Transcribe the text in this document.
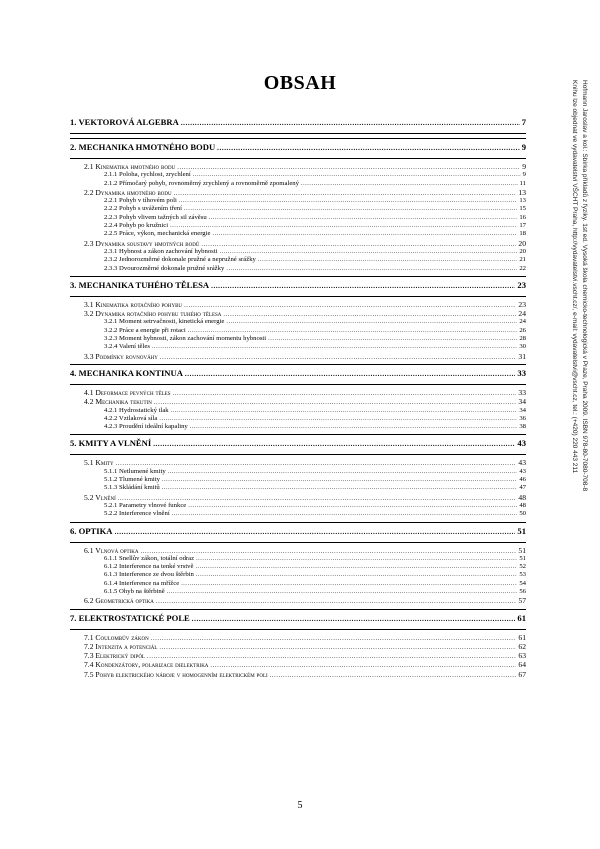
OBSAH
1. VEKTOROVÁ ALGEBRA .....	7
2. MECHANIKA HMOTNÉHO BODU .....	9
2.1 Kinematika hmotného bodu .....	9
2.1.1 Poloha, rychlost, zrychlení .....	9
2.1.2 Přímočarý pohyb, rovnoměrný zrychlený a rovnoměrně zpomalený .....	11
2.2 Dynamika hmotného bodu .....	13
2.2.1 Pohyb v tíhovém poli .....	13
2.2.2 Pohyb s uvážením tření .....	15
2.2.3 Pohyb vlivem tažných sil závěsu .....	16
2.2.4 Pohyb po kružnici .....	17
2.2.5 Práce, výkon, mechanická energie .....	18
2.3 Dynamika soustavy hmotných bodů .....	20
2.3.1 Hybnost a zákon zachování hybnosti .....	20
2.3.2 Jednorozměrné dokonale pružné a nepružné srážky .....	21
2.3.3 Dvourozměrné dokonale pružné srážky .....	22
3. MECHANIKA TUHÉHO TĚLESA .....	23
3.1 Kinematika rotačního pohybu .....	23
3.2 Dynamika rotačního pohybu tuhého tělesa .....	24
3.2.1 Moment setrvačnosti, kinetická energie .....	24
3.2.2 Práce a energie při rotaci .....	26
3.2.3 Moment hybnosti, zákon zachování momentu hybnosti .....	28
3.2.4 Valení těles .....	30
3.3 Podmínky rovnováhy .....	31
4. MECHANIKA KONTINUA .....	33
4.1 Deformace pevných těles .....	33
4.2 Mechanika tekutin .....	34
4.2.1 Hydrostatický tlak .....	34
4.2.2 Vztlaková síla .....	36
4.2.3 Proudění ideální kapaliny .....	38
5. KMITY A VLNĚNÍ .....	43
5.1 Kmity .....	43
5.1.1 Netlumené kmity .....	43
5.1.2 Tlumené kmity .....	46
5.1.3 Skládání kmitů .....	47
5.2 Vlnění .....	48
5.2.1 Parametry vlnové funkce .....	48
5.2.2 Interference vlnění .....	50
6. OPTIKA .....	51
6.1 Vlnová optika .....	51
6.1.1 Snellův zákon, totální odraz .....	51
6.1.2 Interference na tenké vrstvě .....	52
6.1.3 Interference ze dvou štěrbin .....	53
6.1.4 Interference na mřížce .....	54
6.1.5 Ohyb na štěrbině .....	56
6.2 Geometrická optika .....	57
7. ELEKTROSTATICKÉ POLE .....	61
7.1 Coulombův zákon .....	61
7.2 Intenzita a potenciál .....	62
7.3 Elektrický dipól .....	63
7.4 Kondenzátory, polarizace dielektrika .....	64
7.5 Pohyb elektrického náboje v homogenním elektrickém poli .....	67
5
Hofmann Jaroslav a kol.: Sbírka příkladů z fyziky. 1st ed. Vysoká škola chemicko-technologická v Praze, Praha 2009. ISBN 978-80-7080-708-8
Knihu lze objednat ve vydavatelství VŠCHT Praha, http://vydavatelstvi.vscht.cz/, e-mail: vydavatelstvi@vscht.cz, tel.: (+420) 220 443 211
